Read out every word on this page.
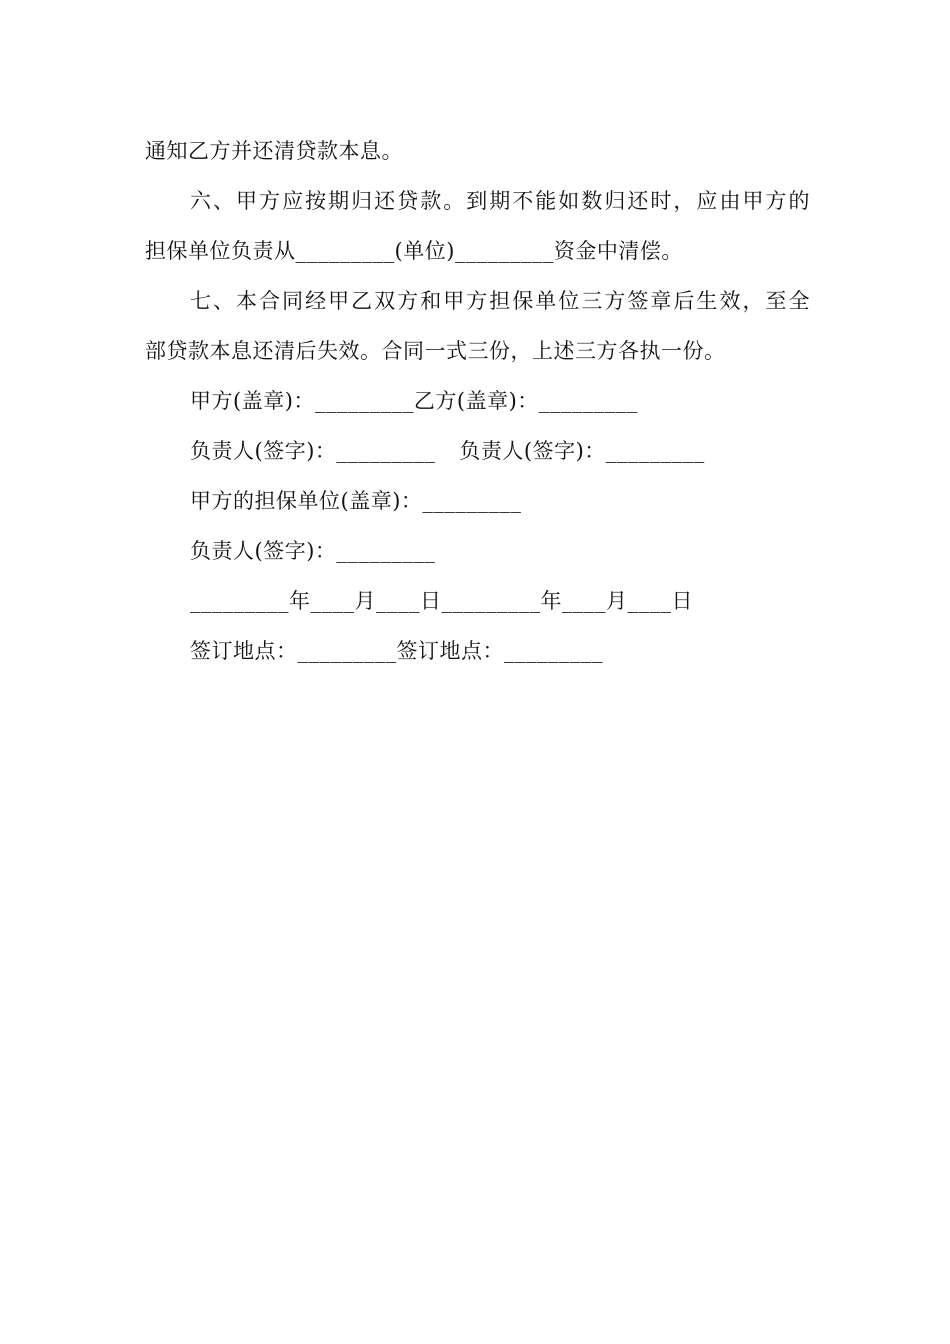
通知乙方并还清贷款本息。
六、甲方应按期归还贷款。到期不能如数归还时，应由甲方的
担保单位负责从_________(单位)_________资金中清偿。
七、本合同经甲乙双方和甲方担保单位三方签章后生效，至全
部贷款本息还清后失效。合同一式三份，上述三方各执一份。
甲方(盖章)：_________乙方(盖章)：_________
负责人(签字)：_________ 负责人(签字)：_________
甲方的担保单位(盖章)：_________
负责人(签字)：_________
_________年____月____日_________年____月____日
签订地点：_________签订地点：_________
